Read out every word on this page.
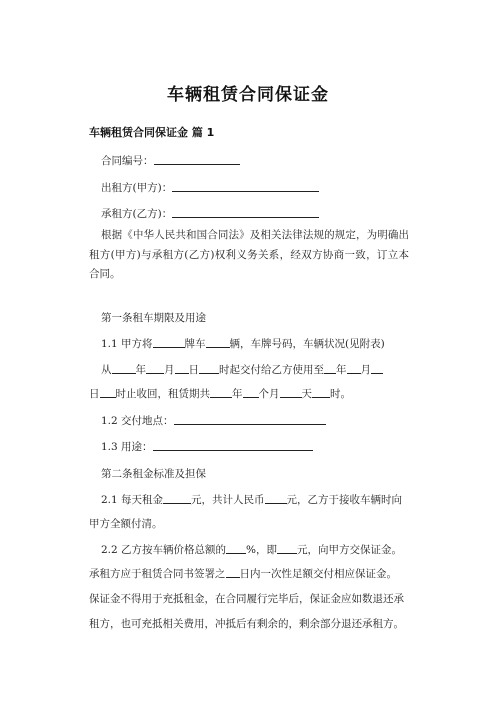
车辆租赁合同保证金
车辆租赁合同保证金 篇 1
合同编号：
出租方(甲方)：
承租方(乙方)：
根据《中华人民共和国合同法》及相关法律法规的规定，为明确出租方(甲方)与承租方(乙方)权利义务关系，经双方协商一致，订立本合同。
第一条租车期限及用途
1.1 甲方将	牌车 辆，车牌号码，车辆状况(见附表)
从 年 月 日 时起交付给乙方使用至 年 月
日 时止收回，租赁期共 年 个月 天 时。
1.2 交付地点：
1.3 用途：
第二条租金标准及担保
2.1 每天租金	元，共计人民币 元，乙方于接收车辆时向
甲方全额付清。
2.2 乙方按车辆价格总额的 %，即 元，向甲方交保证金。
承租方应于租赁合同书签署之 日内一次性足额交付相应保证金。
保证金不得用于充抵租金，在合同履行完毕后，保证金应如数退还承
租方，也可充抵相关费用，冲抵后有剩余的，剩余部分退还承租方。
